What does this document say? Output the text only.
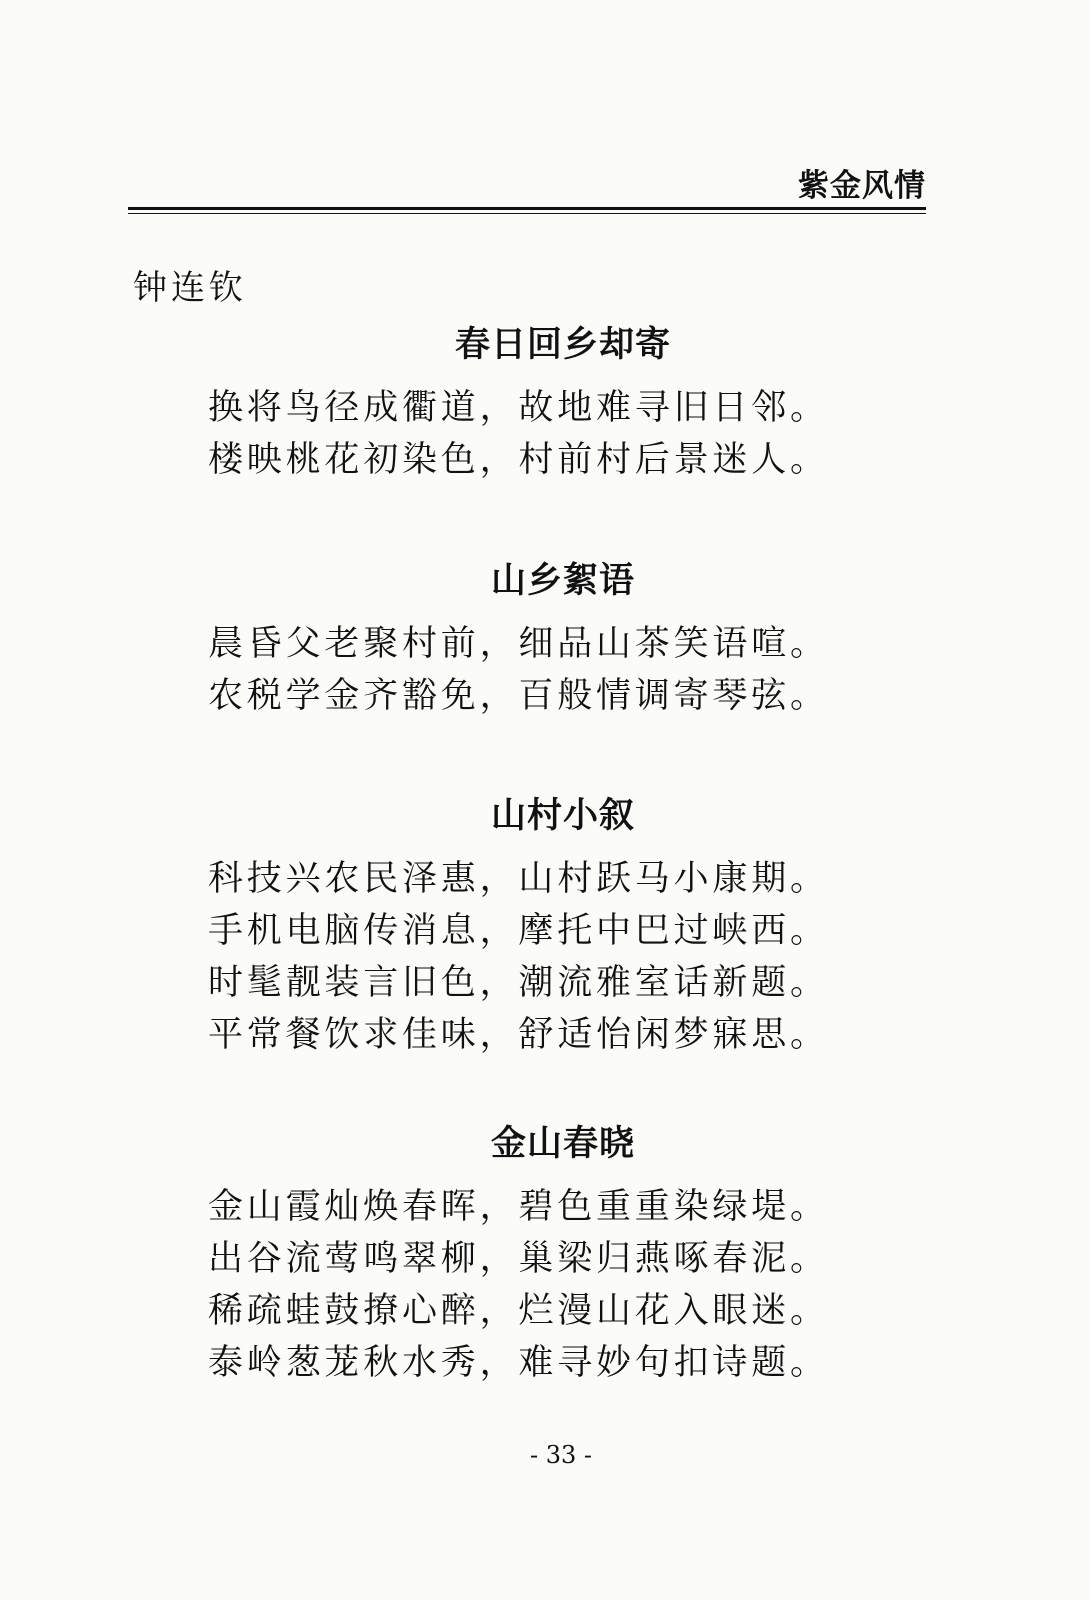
紫金风情
钟连钦
春日回乡却寄
换将鸟径成衢道，故地难寻旧日邻。
楼映桃花初染色，村前村后景迷人。
山乡絮语
晨昏父老聚村前，细品山茶笑语喧。
农税学金齐豁免，百般情调寄琴弦。
山村小叙
科技兴农民泽惠，山村跃马小康期。
手机电脑传消息，摩托中巴过峡西。
时髦靓装言旧色，潮流雅室话新题。
平常餐饮求佳味，舒适怡闲梦寐思。
金山春晓
金山霞灿焕春晖，碧色重重染绿堤。
出谷流莺鸣翠柳，巢梁归燕啄春泥。
稀疏蛙鼓撩心醉，烂漫山花入眼迷。
泰岭葱茏秋水秀，难寻妙句扣诗题。
- 33 -
